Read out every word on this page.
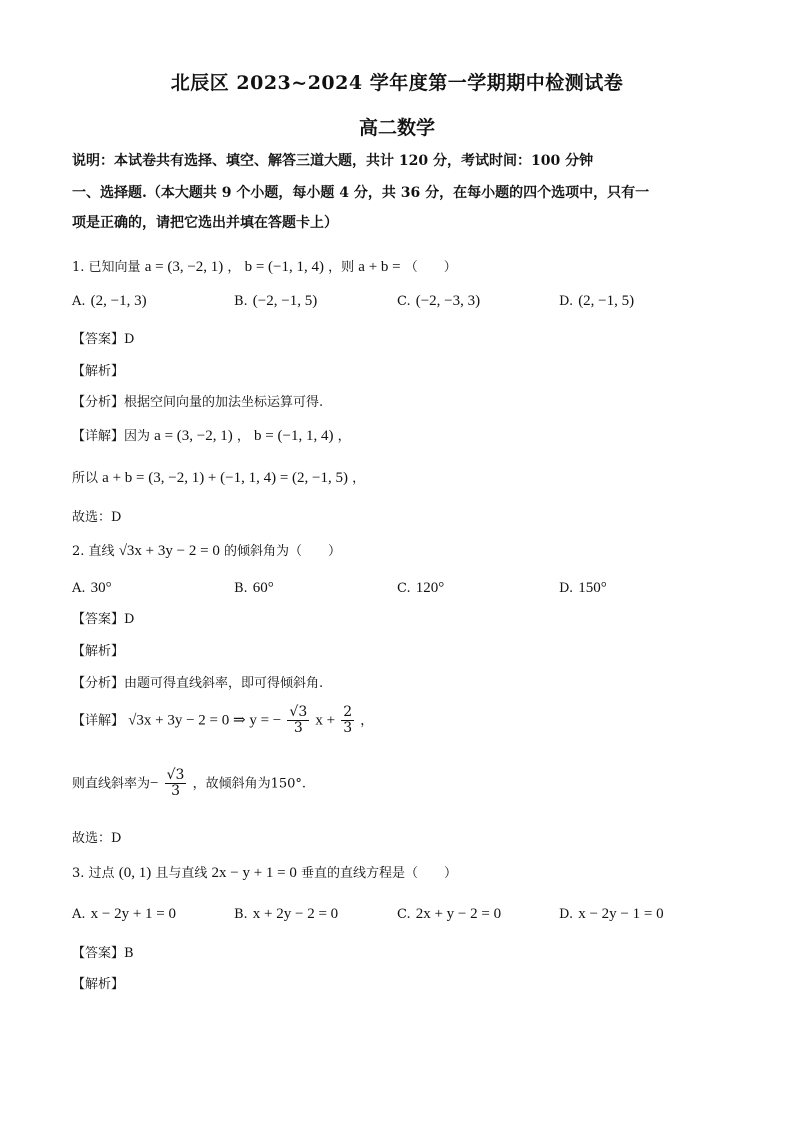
北辰区 2023~2024 学年度第一学期期中检测试卷
高二数学
说明：本试卷共有选择、填空、解答三道大题，共计 120 分，考试时间：100 分钟
一、选择题.（本大题共 9 个小题，每小题 4 分，共 36 分，在每小题的四个选项中，只有一
项是正确的，请把它选出并填在答题卡上）
1. 已知向量 a = (3, −2, 1) ， b = (−1, 1, 4) ，则 a + b = （　　）
A. (2, −1, 3)	B. (−2, −1, 5)	C. (−2, −3, 3)	D. (2, −1, 5)
【答案】D
【解析】
【分析】根据空间向量的加法坐标运算可得.
【详解】因为 a = (3, −2, 1) ， b = (−1, 1, 4) ，
所以 a + b = (3, −2, 1) + (−1, 1, 4) = (2, −1, 5) ，
故选：D
2. 直线 √3x + 3y − 2 = 0 的倾斜角为（　　）
A. 30°	B. 60°	C. 120°	D. 150°
【答案】D
【解析】
【分析】由题可得直线斜率，即可得倾斜角.
【详解】 √3x + 3y − 2 = 0 ⇒ y = − $\frac{√3}{3}$ $x + \frac{2}{3}$ ，
则直线斜率为− $\frac{√3}{3}$ ，故倾斜角为150°.
故选：D
3. 过点 (0, 1) 且与直线 2x − y + 1 = 0 垂直的直线方程是（　　）
A. x − 2y + 1 = 0	B. x + 2y − 2 = 0	C. 2x + y − 2 = 0	D. x − 2y − 1 = 0
【答案】B
【解析】
